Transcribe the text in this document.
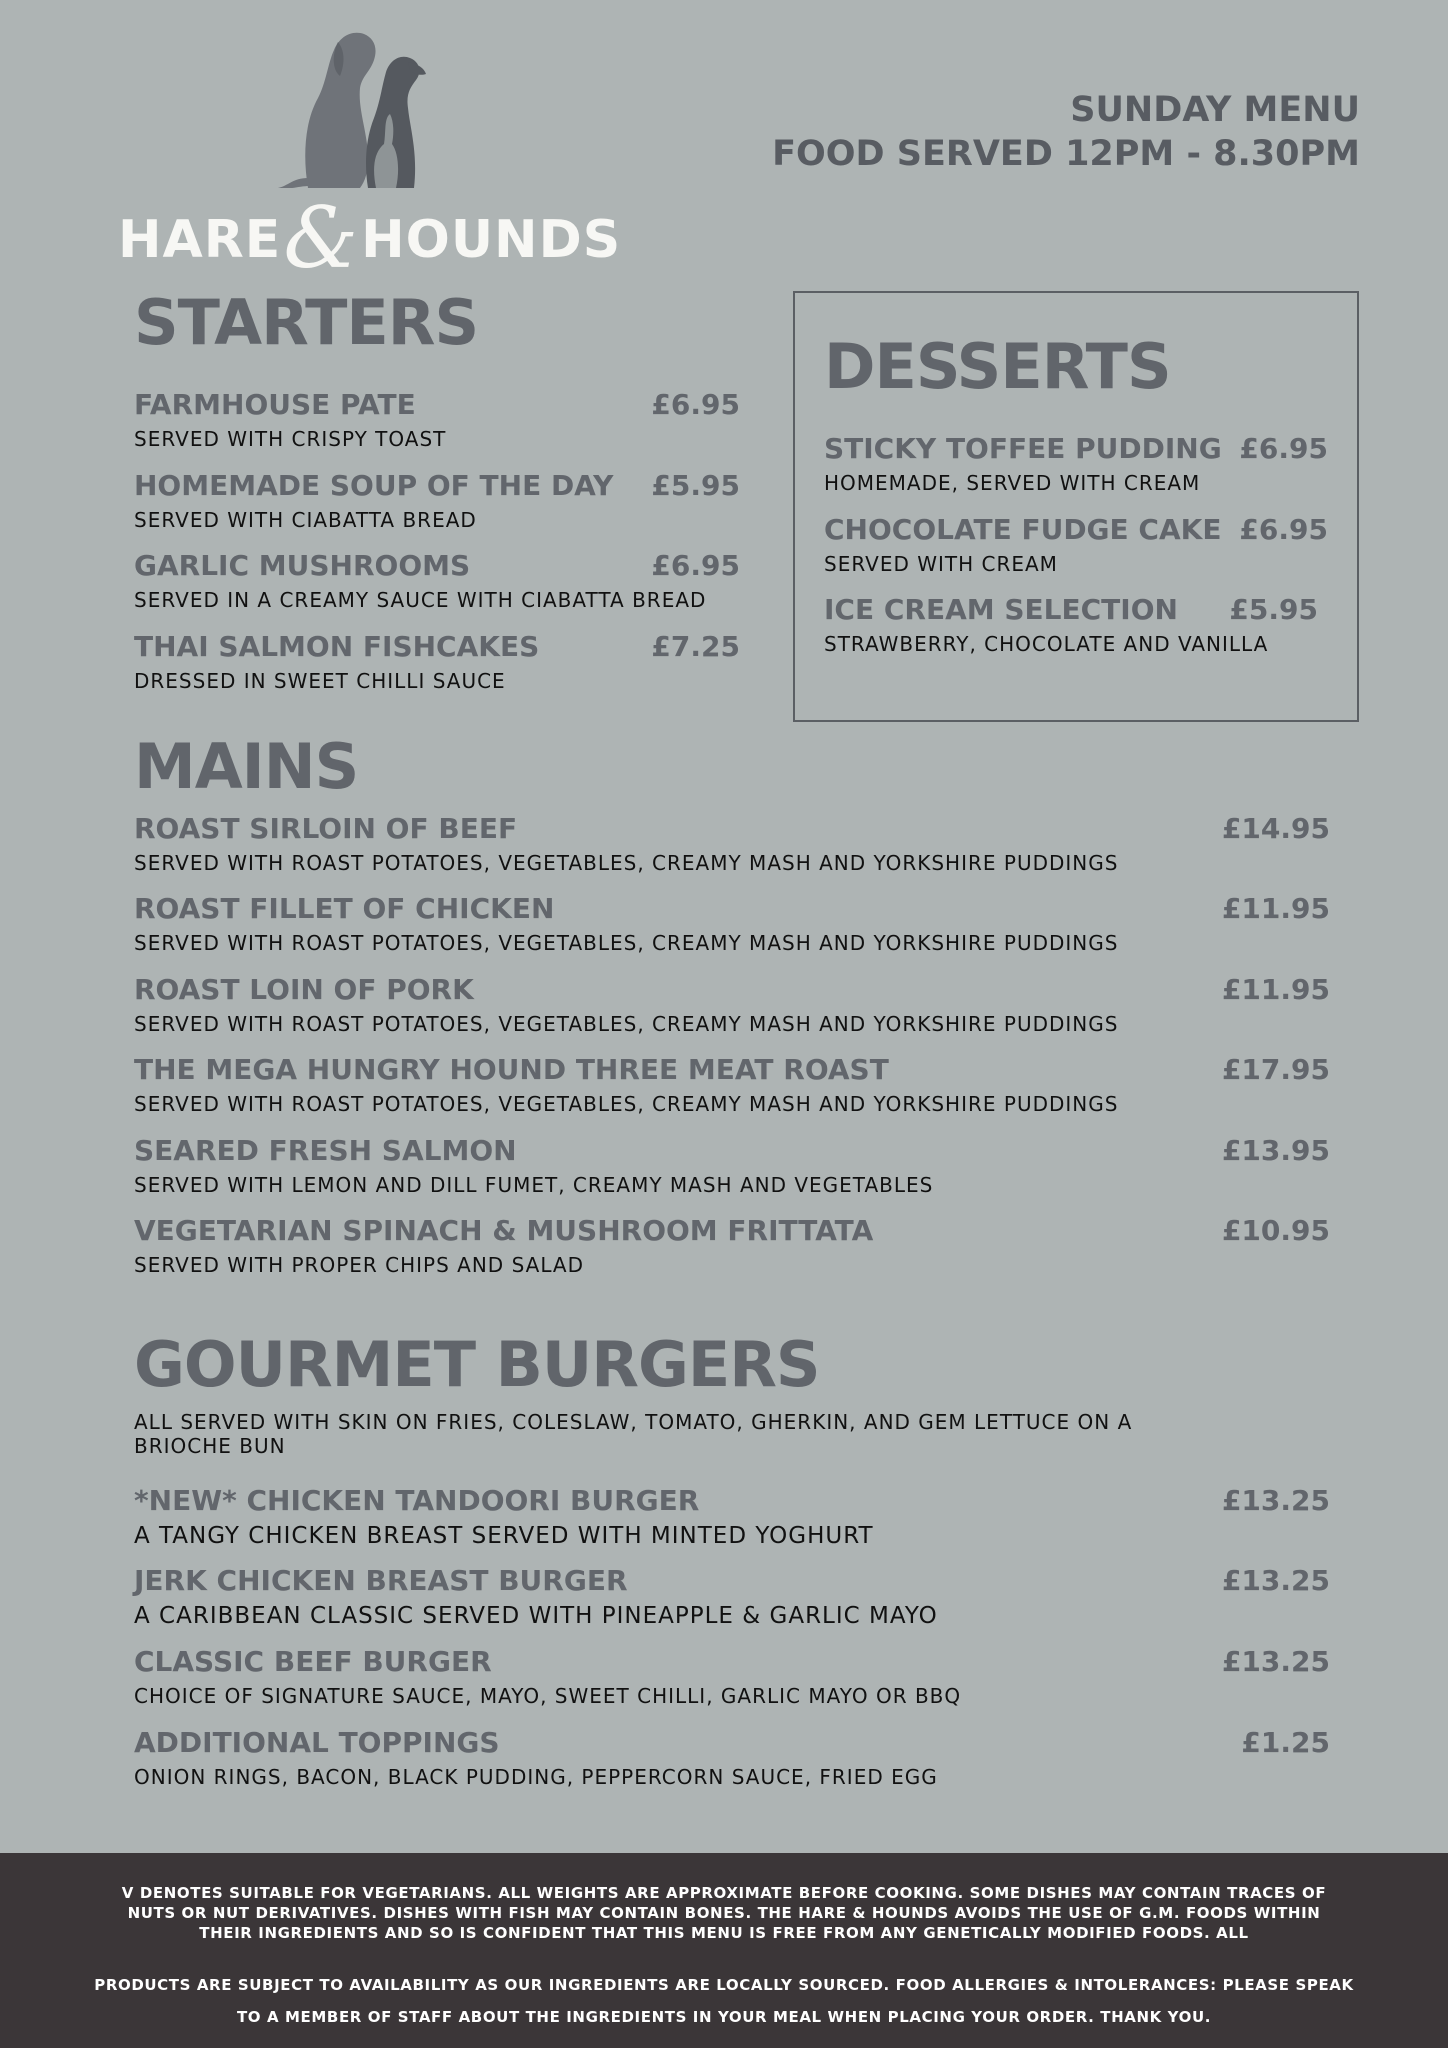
HARE&HOUNDS
SUNDAY MENU
FOOD SERVED 12PM - 8.30PM
STARTERS
FARMHOUSE PATE	£6.95
SERVED WITH CRISPY TOAST
HOMEMADE SOUP OF THE DAY £5.95
SERVED WITH CIABATTA BREAD
GARLIC MUSHROOMS	£6.95
SERVED IN A CREAMY SAUCE WITH CIABATTA BREAD
THAI SALMON FISHCAKES	£7.25
DRESSED IN SWEET CHILLI SAUCE
DESSERTS
STICKY TOFFEE PUDDING £6.95
HOMEMADE, SERVED WITH CREAM
CHOCOLATE FUDGE CAKE £6.95
SERVED WITH CREAM
ICE CREAM SELECTION £5.95
STRAWBERRY, CHOCOLATE AND VANILLA
MAINS
ROAST SIRLOIN OF BEEF	£14.95
SERVED WITH ROAST POTATOES, VEGETABLES, CREAMY MASH AND YORKSHIRE PUDDINGS
ROAST FILLET OF CHICKEN	£11.95
SERVED WITH ROAST POTATOES, VEGETABLES, CREAMY MASH AND YORKSHIRE PUDDINGS
ROAST LOIN OF PORK	£11.95
SERVED WITH ROAST POTATOES, VEGETABLES, CREAMY MASH AND YORKSHIRE PUDDINGS
THE MEGA HUNGRY HOUND THREE MEAT ROAST	£17.95
SERVED WITH ROAST POTATOES, VEGETABLES, CREAMY MASH AND YORKSHIRE PUDDINGS
SEARED FRESH SALMON	£13.95
SERVED WITH LEMON AND DILL FUMET, CREAMY MASH AND VEGETABLES
VEGETARIAN SPINACH & MUSHROOM FRITTATA	£10.95
SERVED WITH PROPER CHIPS AND SALAD
GOURMET BURGERS
ALL SERVED WITH SKIN ON FRIES, COLESLAW, TOMATO, GHERKIN, AND GEM LETTUCE ON A BRIOCHE BUN
*NEW* CHICKEN TANDOORI BURGER	£13.25
A TANGY CHICKEN BREAST SERVED WITH MINTED YOGHURT
JERK CHICKEN BREAST BURGER	£13.25
A CARIBBEAN CLASSIC SERVED WITH PINEAPPLE & GARLIC MAYO
CLASSIC BEEF BURGER	£13.25
CHOICE OF SIGNATURE SAUCE, MAYO, SWEET CHILLI, GARLIC MAYO OR BBQ
ADDITIONAL TOPPINGS	£1.25
ONION RINGS, BACON, BLACK PUDDING, PEPPERCORN SAUCE, FRIED EGG

V DENOTES SUITABLE FOR VEGETARIANS. ALL WEIGHTS ARE APPROXIMATE BEFORE COOKING. SOME DISHES MAY CONTAIN TRACES OF NUTS OR NUT DERIVATIVES. DISHES WITH FISH MAY CONTAIN BONES. THE HARE & HOUNDS AVOIDS THE USE OF G.M. FOODS WITHIN THEIR INGREDIENTS AND SO IS CONFIDENT THAT THIS MENU IS FREE FROM ANY GENETICALLY MODIFIED FOODS. ALL

PRODUCTS ARE SUBJECT TO AVAILABILITY AS OUR INGREDIENTS ARE LOCALLY SOURCED. FOOD ALLERGIES & INTOLERANCES: PLEASE SPEAK TO A MEMBER OF STAFF ABOUT THE INGREDIENTS IN YOUR MEAL WHEN PLACING YOUR ORDER. THANK YOU.
